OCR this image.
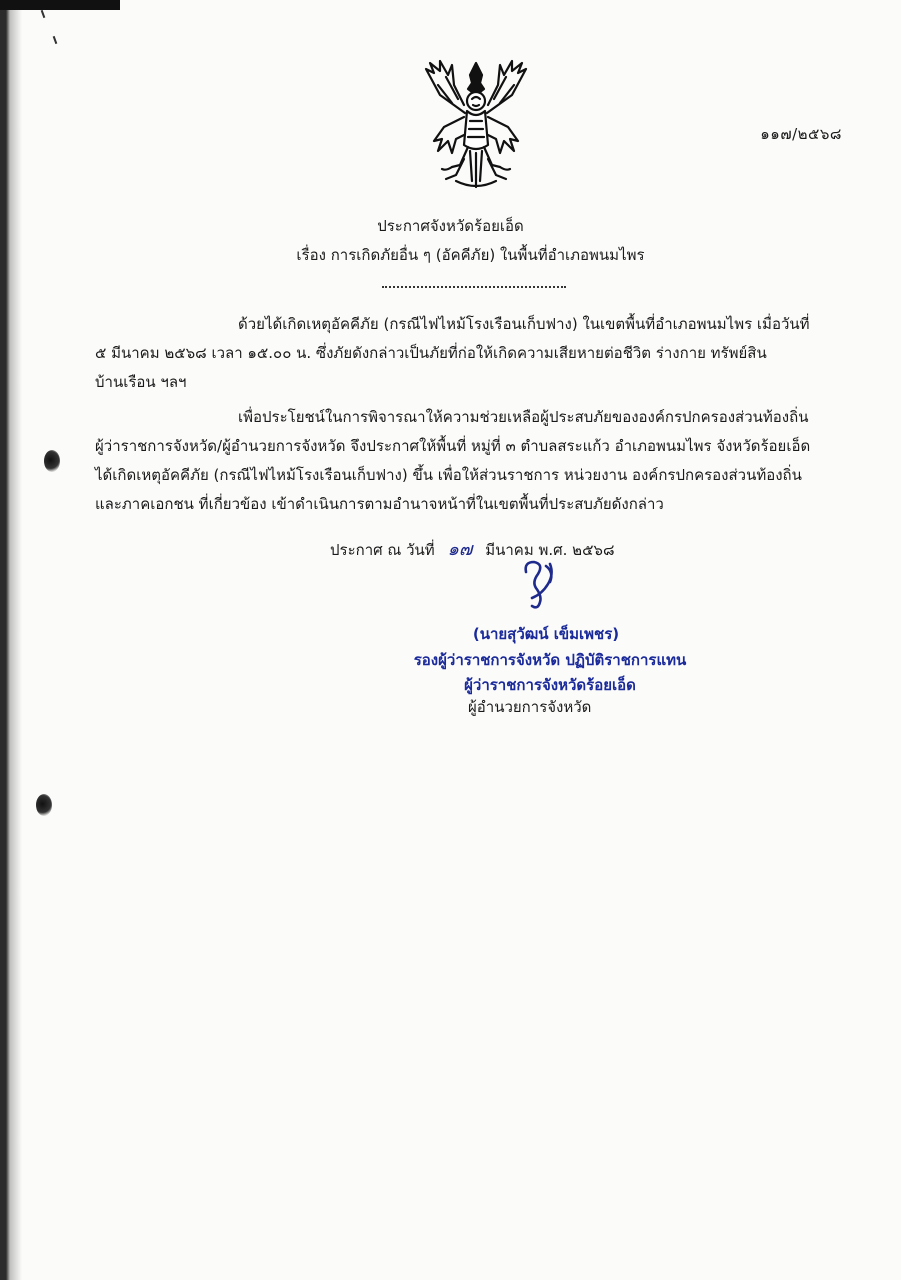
๑๑๗/๒๕๖๘
ประกาศจังหวัดร้อยเอ็ด
เรื่อง การเกิดภัยอื่น ๆ (อัคคีภัย) ในพื้นที่อำเภอพนมไพร
ด้วยได้เกิดเหตุอัคคีภัย (กรณีไฟไหม้โรงเรือนเก็บฟาง) ในเขตพื้นที่อำเภอพนมไพร เมื่อวันที่
๕ มีนาคม ๒๕๖๘ เวลา ๑๕.๐๐ น. ซึ่งภัยดังกล่าวเป็นภัยที่ก่อให้เกิดความเสียหายต่อชีวิต ร่างกาย ทรัพย์สิน
บ้านเรือน ฯลฯ
เพื่อประโยชน์ในการพิจารณาให้ความช่วยเหลือผู้ประสบภัยขององค์กรปกครองส่วนท้องถิ่น
ผู้ว่าราชการจังหวัด/ผู้อำนวยการจังหวัด จึงประกาศให้พื้นที่ หมู่ที่ ๓ ตำบลสระแก้ว อำเภอพนมไพร จังหวัดร้อยเอ็ด
ได้เกิดเหตุอัคคีภัย (กรณีไฟไหม้โรงเรือนเก็บฟาง) ขึ้น เพื่อให้ส่วนราชการ หน่วยงาน องค์กรปกครองส่วนท้องถิ่น
และภาคเอกชน ที่เกี่ยวข้อง เข้าดำเนินการตามอำนาจหน้าที่ในเขตพื้นที่ประสบภัยดังกล่าว
ประกาศ ณ วันที่ ๑๗ มีนาคม พ.ศ. ๒๕๖๘
(นายสุวัฒน์ เข็มเพชร)
รองผู้ว่าราชการจังหวัด ปฏิบัติราชการแทน
ผู้ว่าราชการจังหวัดร้อยเอ็ด
ผู้อำนวยการจังหวัด
